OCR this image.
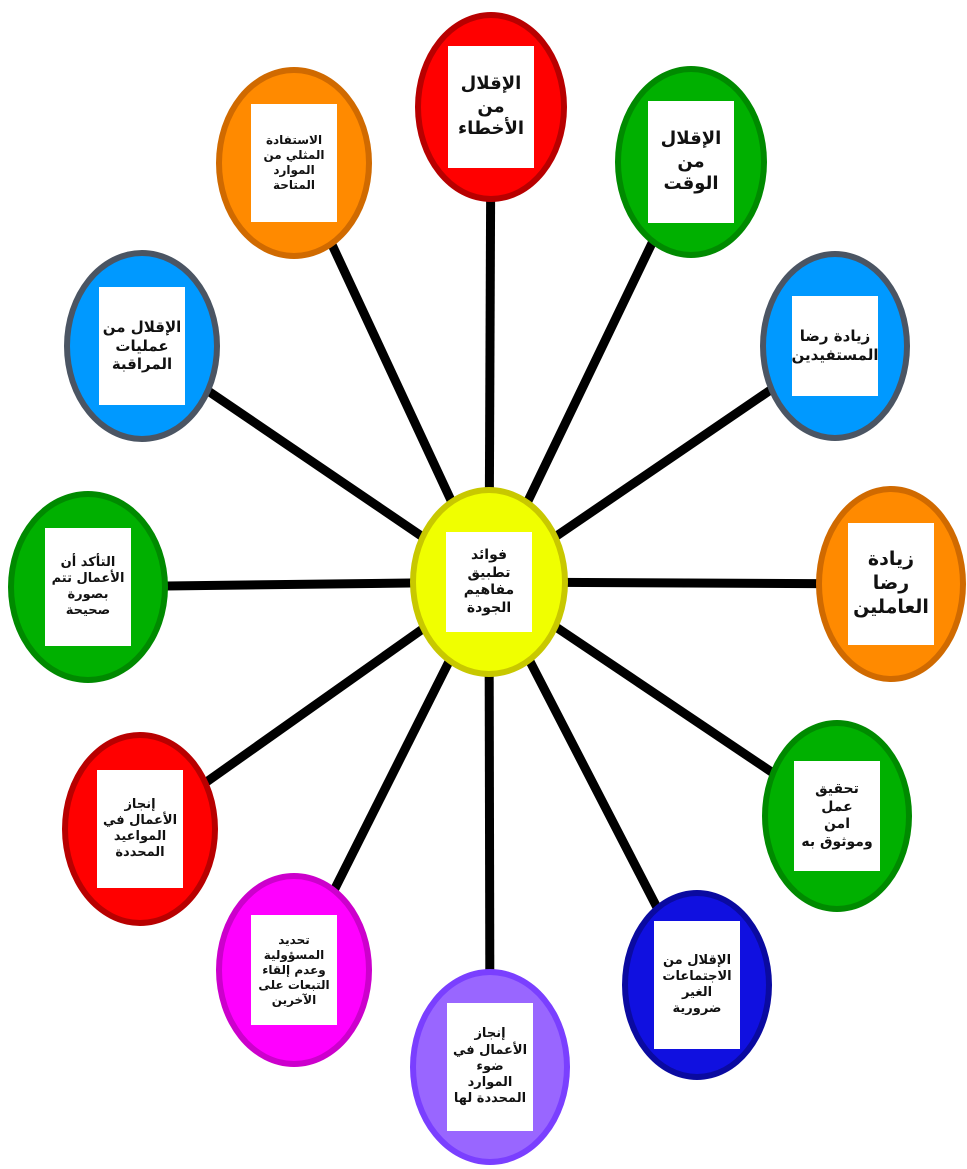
الإقلال
من
الأخطاء	الإقلال
من
الوقت
زيادة رضا
المستفيدين
زيادة
رضا
العاملين
تحقيق عمل
امن
وموثوق به
الإقلال من
الاجتماعات
الغير
ضرورية
إنجاز
الأعمال في
ضوء
الموارد
المحددة لها
تحديد
المسؤولية
وعدم إلقاء
التبعات على
الآخرين
إنجاز
الأعمال في
المواعيد
المحددة
التأكد أن
الأعمال تتم
بصورة
صحيحة
الإقلال من
عمليات
المراقبة
الاستفادة
المثلي من
الموارد
المتاحة
فوائد تطبيق
مفاهيم
الجودة
